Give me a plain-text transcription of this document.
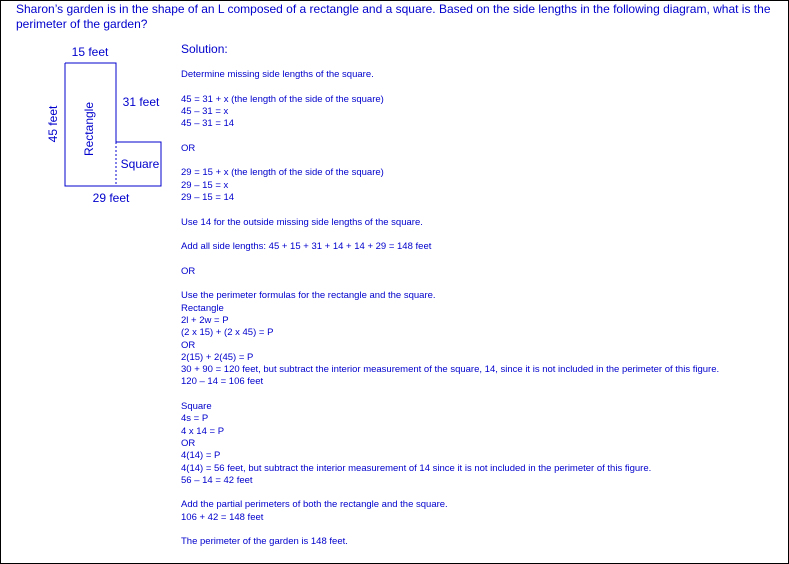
Sharon’s garden is in the shape of an L composed of a rectangle and a square. Based on the side lengths in the following diagram, what is the perimeter of the garden?
15 feet
45 feet
31 feet
29 feet
Rectangle
Square
Solution:
Determine missing side lengths of the square.
45 = 31 + x (the length of the side of the square)
45 – 31 = x
45 – 31 = 14
OR
29 = 15 + x (the length of the side of the square)
29 – 15 = x
29 – 15 = 14
Use 14 for the outside missing side lengths of the square.
Add all side lengths: 45 + 15 + 31 + 14 + 14 + 29 = 148 feet
OR
Use the perimeter formulas for the rectangle and the square.
Rectangle
2l + 2w = P
(2 x 15) + (2 x 45) = P
OR
2(15) + 2(45) = P
30 + 90 = 120 feet, but subtract the interior measurement of the square, 14, since it is not included in the perimeter of this figure.
120 – 14 = 106 feet
Square
4s = P
4 x 14 = P
OR
4(14) = P
4(14) = 56 feet, but subtract the interior measurement of 14 since it is not included in the perimeter of this figure.
56 – 14 = 42 feet
Add the partial perimeters of both the rectangle and the square.
106 + 42 = 148 feet
The perimeter of the garden is 148 feet.
